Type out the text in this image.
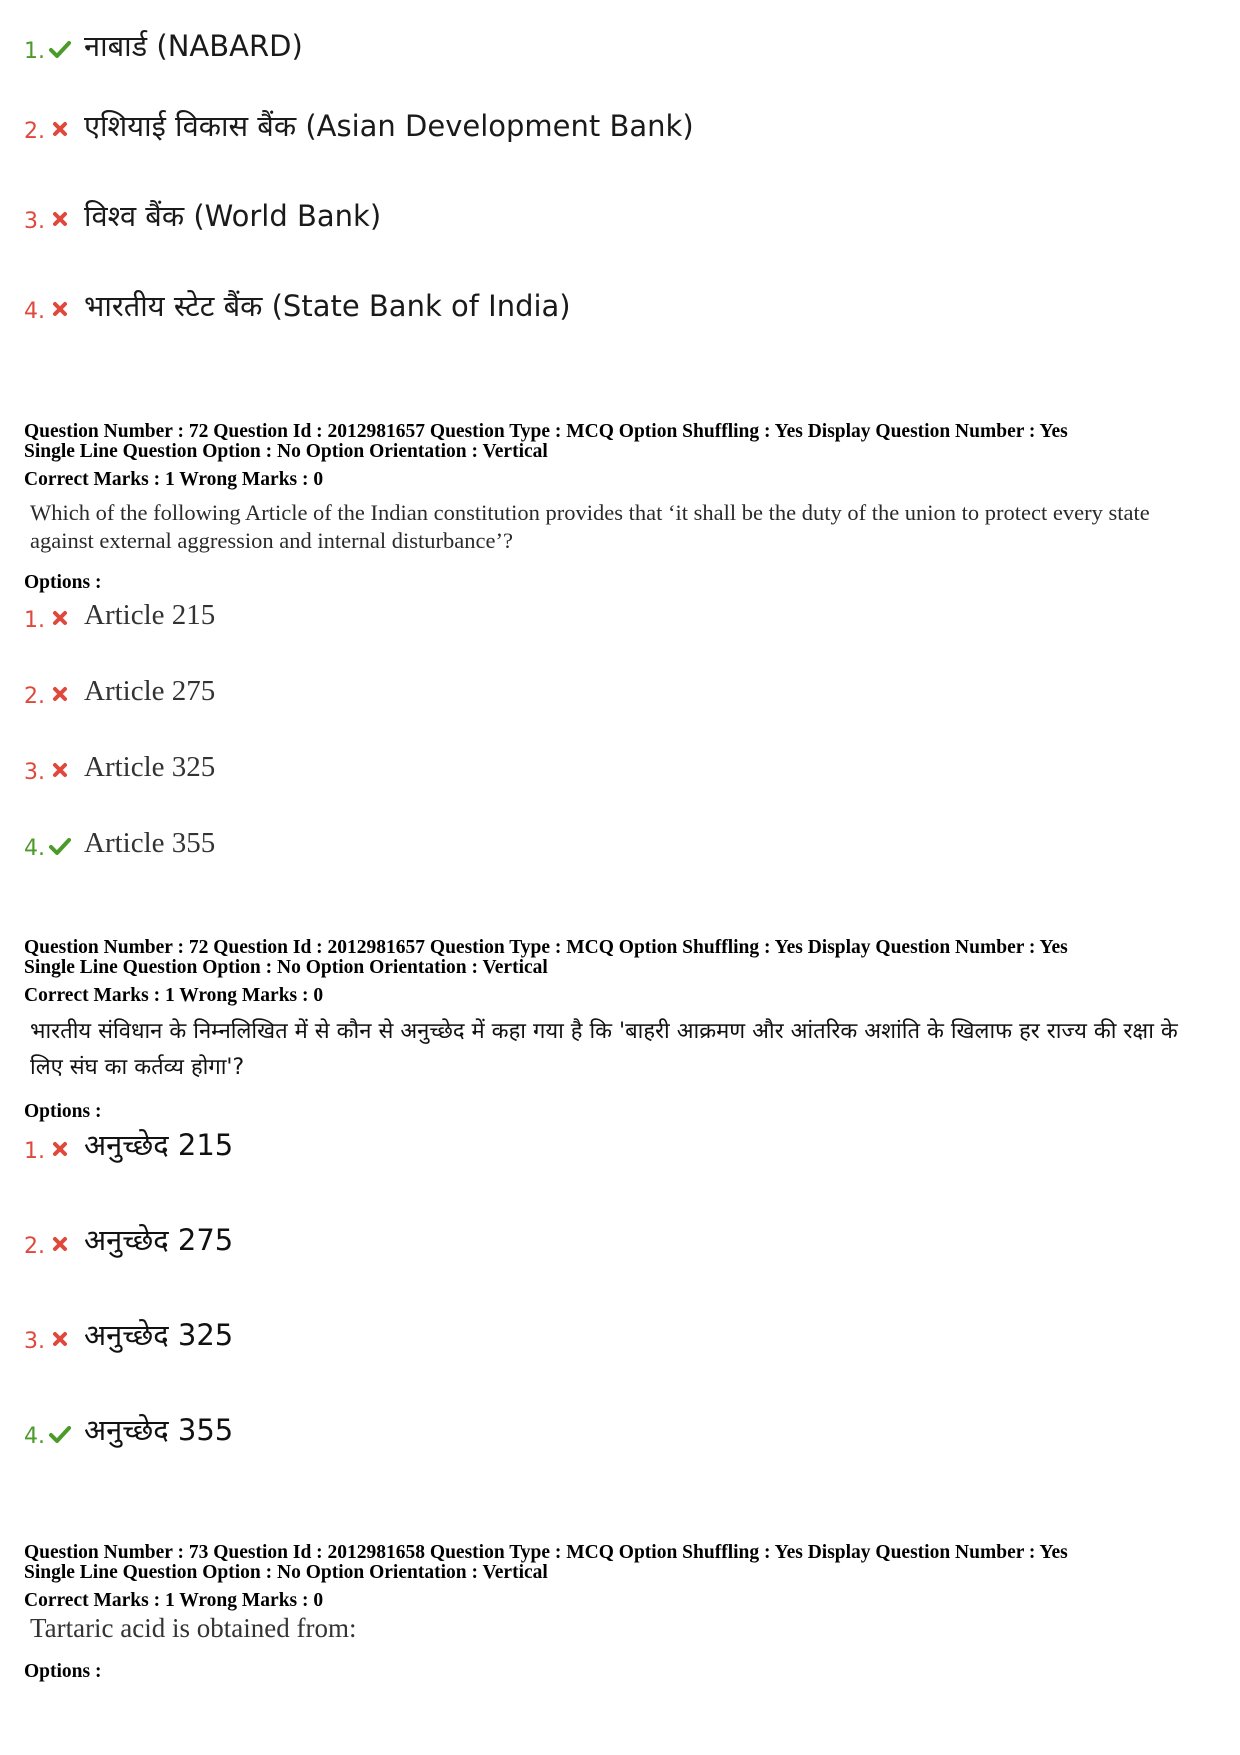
1. नाबार्ड (NABARD)
2. एशियाई विकास बैंक (Asian Development Bank)
3. विश्व बैंक (World Bank)
4. भारतीय स्टेट बैंक (State Bank of India)
Question Number : 72 Question Id : 2012981657 Question Type : MCQ Option Shuffling : Yes Display Question Number : Yes
Single Line Question Option : No Option Orientation : Vertical
Correct Marks : 1 Wrong Marks : 0
Which of the following Article of the Indian constitution provides that ‘it shall be the duty of the union to protect every state against external aggression and internal disturbance’?
Options :
1. Article 215
2. Article 275
3. Article 325
4. Article 355
Question Number : 72 Question Id : 2012981657 Question Type : MCQ Option Shuffling : Yes Display Question Number : Yes
Single Line Question Option : No Option Orientation : Vertical
Correct Marks : 1 Wrong Marks : 0
भारतीय संविधान के निम्नलिखित में से कौन से अनुच्छेद में कहा गया है कि 'बाहरी आक्रमण और आंतरिक अशांति के खिलाफ हर राज्य की रक्षा के लिए संघ का कर्तव्य होगा'?
Options :
1. अनुच्छेद 215
2. अनुच्छेद 275
3. अनुच्छेद 325
4. अनुच्छेद 355
Question Number : 73 Question Id : 2012981658 Question Type : MCQ Option Shuffling : Yes Display Question Number : Yes
Single Line Question Option : No Option Orientation : Vertical
Correct Marks : 1 Wrong Marks : 0
Tartaric acid is obtained from:
Options :
